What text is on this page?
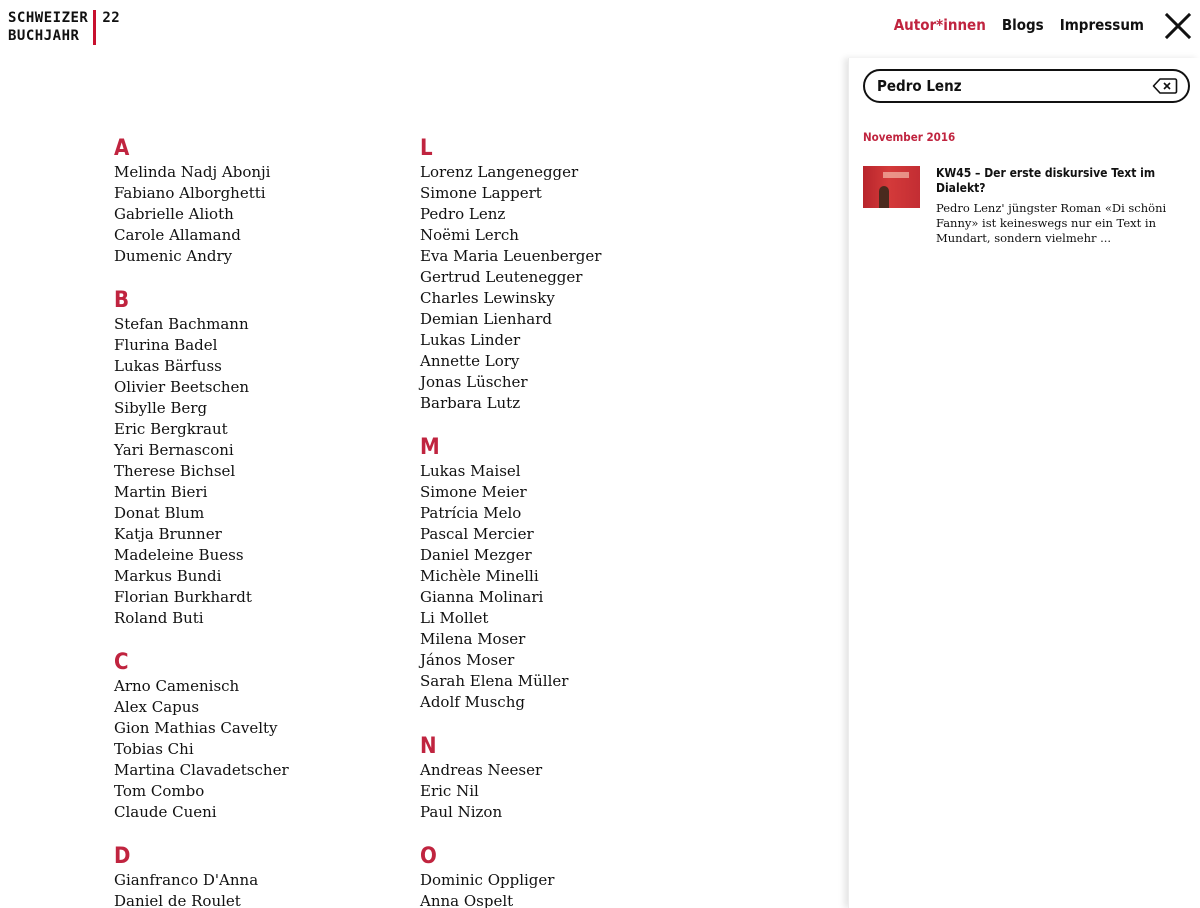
SCHWEIZER
BUCHJAHR
22	Autor*innen Blogs Impressum
A
Melinda Nadj Abonji
Fabiano Alborghetti
Gabrielle Alioth
Carole Allamand
Dumenic Andry
B
Stefan Bachmann
Flurina Badel
Lukas Bärfuss
Olivier Beetschen
Sibylle Berg
Eric Bergkraut
Yari Bernasconi
Therese Bichsel
Martin Bieri
Donat Blum
Katja Brunner
Madeleine Buess
Markus Bundi
Florian Burkhardt
Roland Buti
C
Arno Camenisch
Alex Capus
Gion Mathias Cavelty
Tobias Chi
Martina Clavadetscher
Tom Combo
Claude Cueni
D
Gianfranco D'Anna
Daniel de Roulet
L
Lorenz Langenegger
Simone Lappert
Pedro Lenz
Noëmi Lerch
Eva Maria Leuenberger
Gertrud Leutenegger
Charles Lewinsky
Demian Lienhard
Lukas Linder
Annette Lory
Jonas Lüscher
Barbara Lutz
M
Lukas Maisel
Simone Meier
Patrícia Melo
Pascal Mercier
Daniel Mezger
Michèle Minelli
Gianna Molinari
Li Mollet
Milena Moser
János Moser
Sarah Elena Müller
Adolf Muschg
N
Andreas Neeser
Eric Nil
Paul Nizon
O
Dominic Oppliger
Anna Ospelt
Pedro Lenz
November 2016

KW45 – Der erste diskursive Text im Dialekt?

Pedro Lenz' jüngster Roman «Di schöni Fanny» ist keineswegs nur ein Text in Mundart, sondern vielmehr ...
